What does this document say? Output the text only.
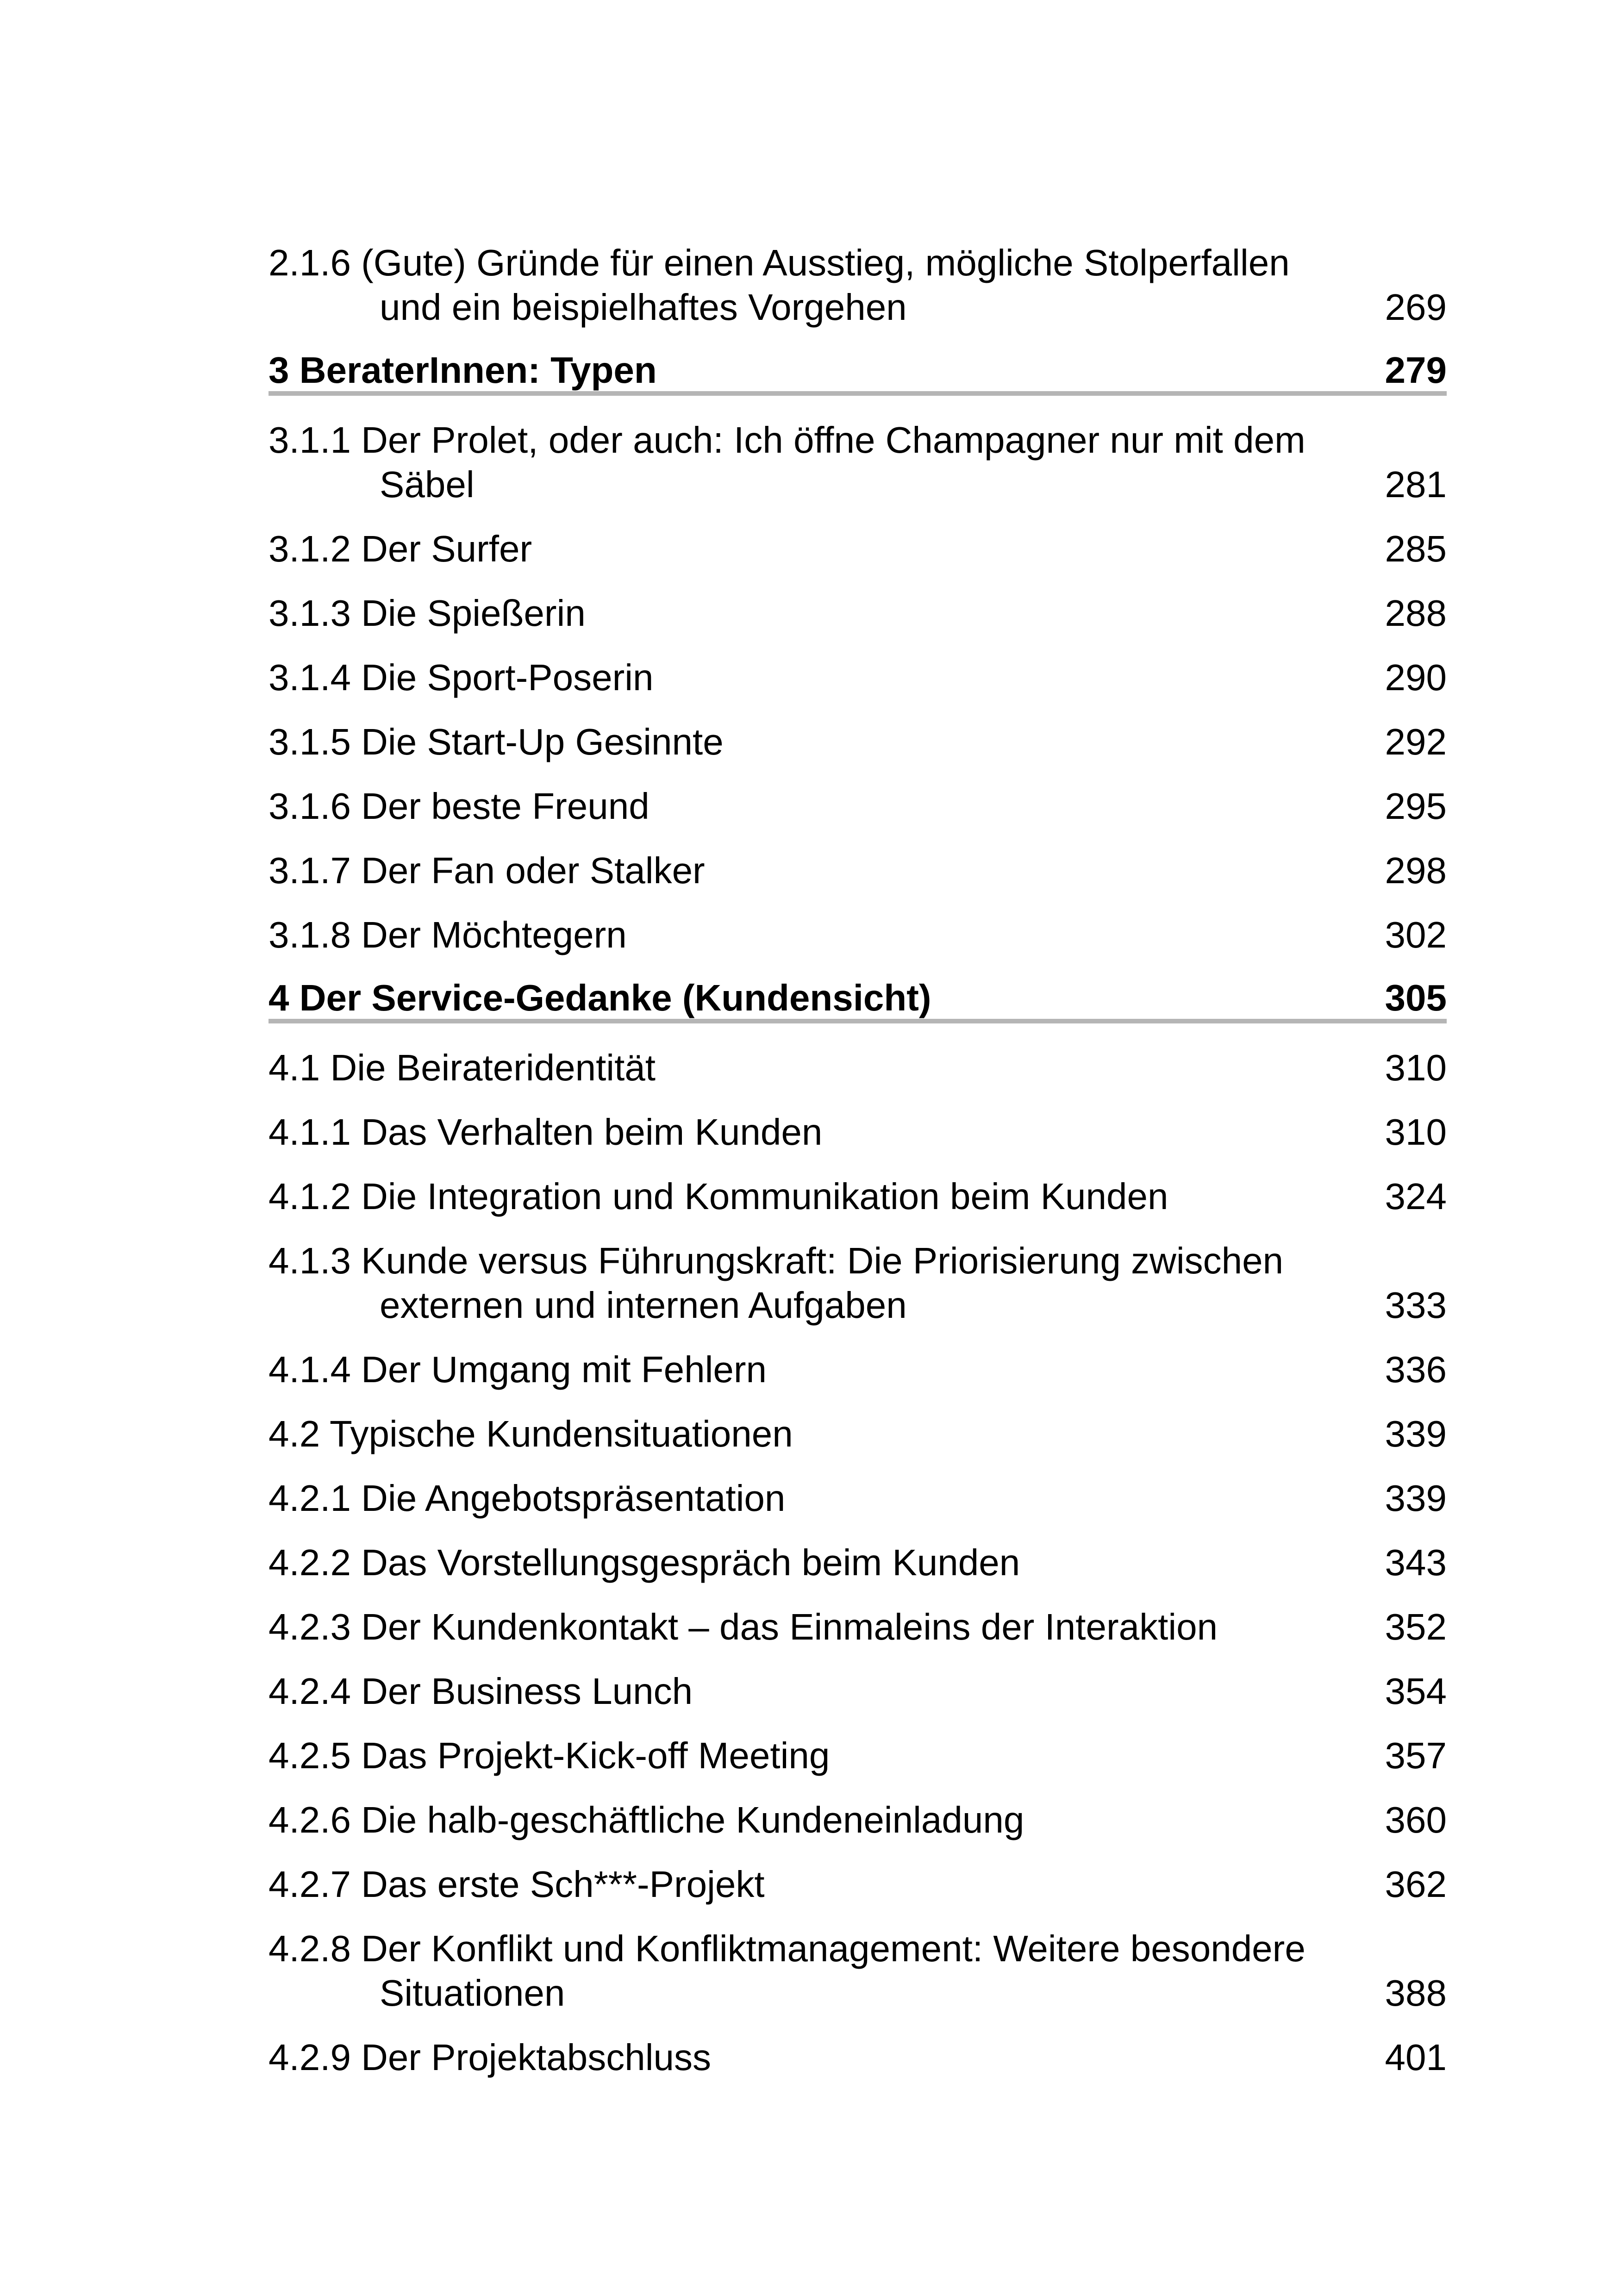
2.1.6 (Gute) Gründe für einen Ausstieg, mögliche Stolperfallen und ein beispielhaftes Vorgehen	269
3 BeraterInnen: Typen	279
3.1.1 Der Prolet, oder auch: Ich öffne Champagner nur mit dem Säbel	281
3.1.2 Der Surfer	285
3.1.3 Die Spießerin	288
3.1.4 Die Sport-Poserin	290
3.1.5 Die Start-Up Gesinnte	292
3.1.6 Der beste Freund	295
3.1.7 Der Fan oder Stalker	298
3.1.8 Der Möchtegern	302
4 Der Service-Gedanke (Kundensicht)	305
4.1 Die Beirateridentität	310
4.1.1 Das Verhalten beim Kunden	310
4.1.2 Die Integration und Kommunikation beim Kunden	324
4.1.3 Kunde versus Führungskraft: Die Priorisierung zwischen externen und internen Aufgaben	333
4.1.4 Der Umgang mit Fehlern	336
4.2 Typische Kundensituationen	339
4.2.1 Die Angebotspräsentation	339
4.2.2 Das Vorstellungsgespräch beim Kunden	343
4.2.3 Der Kundenkontakt – das Einmaleins der Interaktion	352
4.2.4 Der Business Lunch	354
4.2.5 Das Projekt-Kick-off Meeting	357
4.2.6 Die halb-geschäftliche Kundeneinladung	360
4.2.7 Das erste Sch***-Projekt	362
4.2.8 Der Konflikt und Konfliktmanagement: Weitere besondere Situationen	388
4.2.9 Der Projektabschluss	401
